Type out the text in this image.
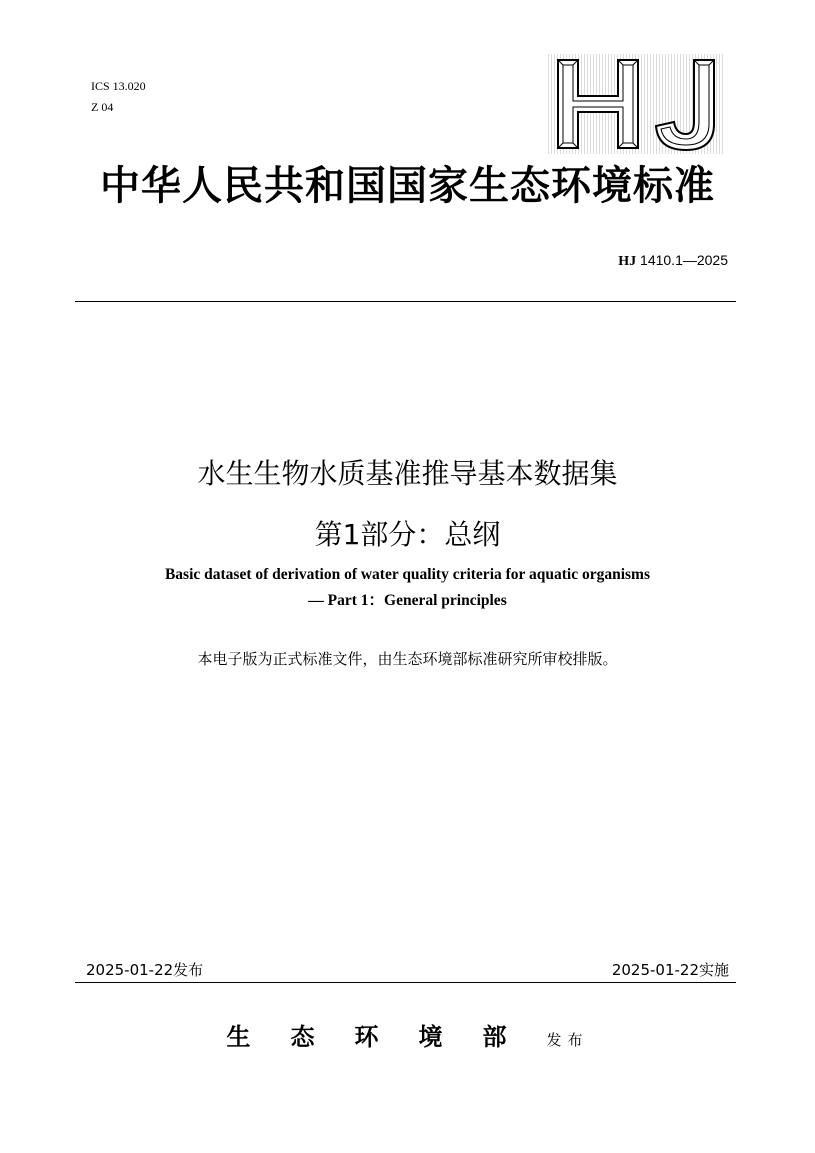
ICS 13.020
Z 04
HJ
中华人民共和国国家生态环境标准
HJ 1410.1—2025
水生生物水质基准推导基本数据集
第1部分：总纲
Basic dataset of derivation of water quality criteria for aquatic organisms
— Part 1：General principles
本电子版为正式标准文件，由生态环境部标准研究所审校排版。
2025-01-22发布	2025-01-22实施
生态环境部发布
